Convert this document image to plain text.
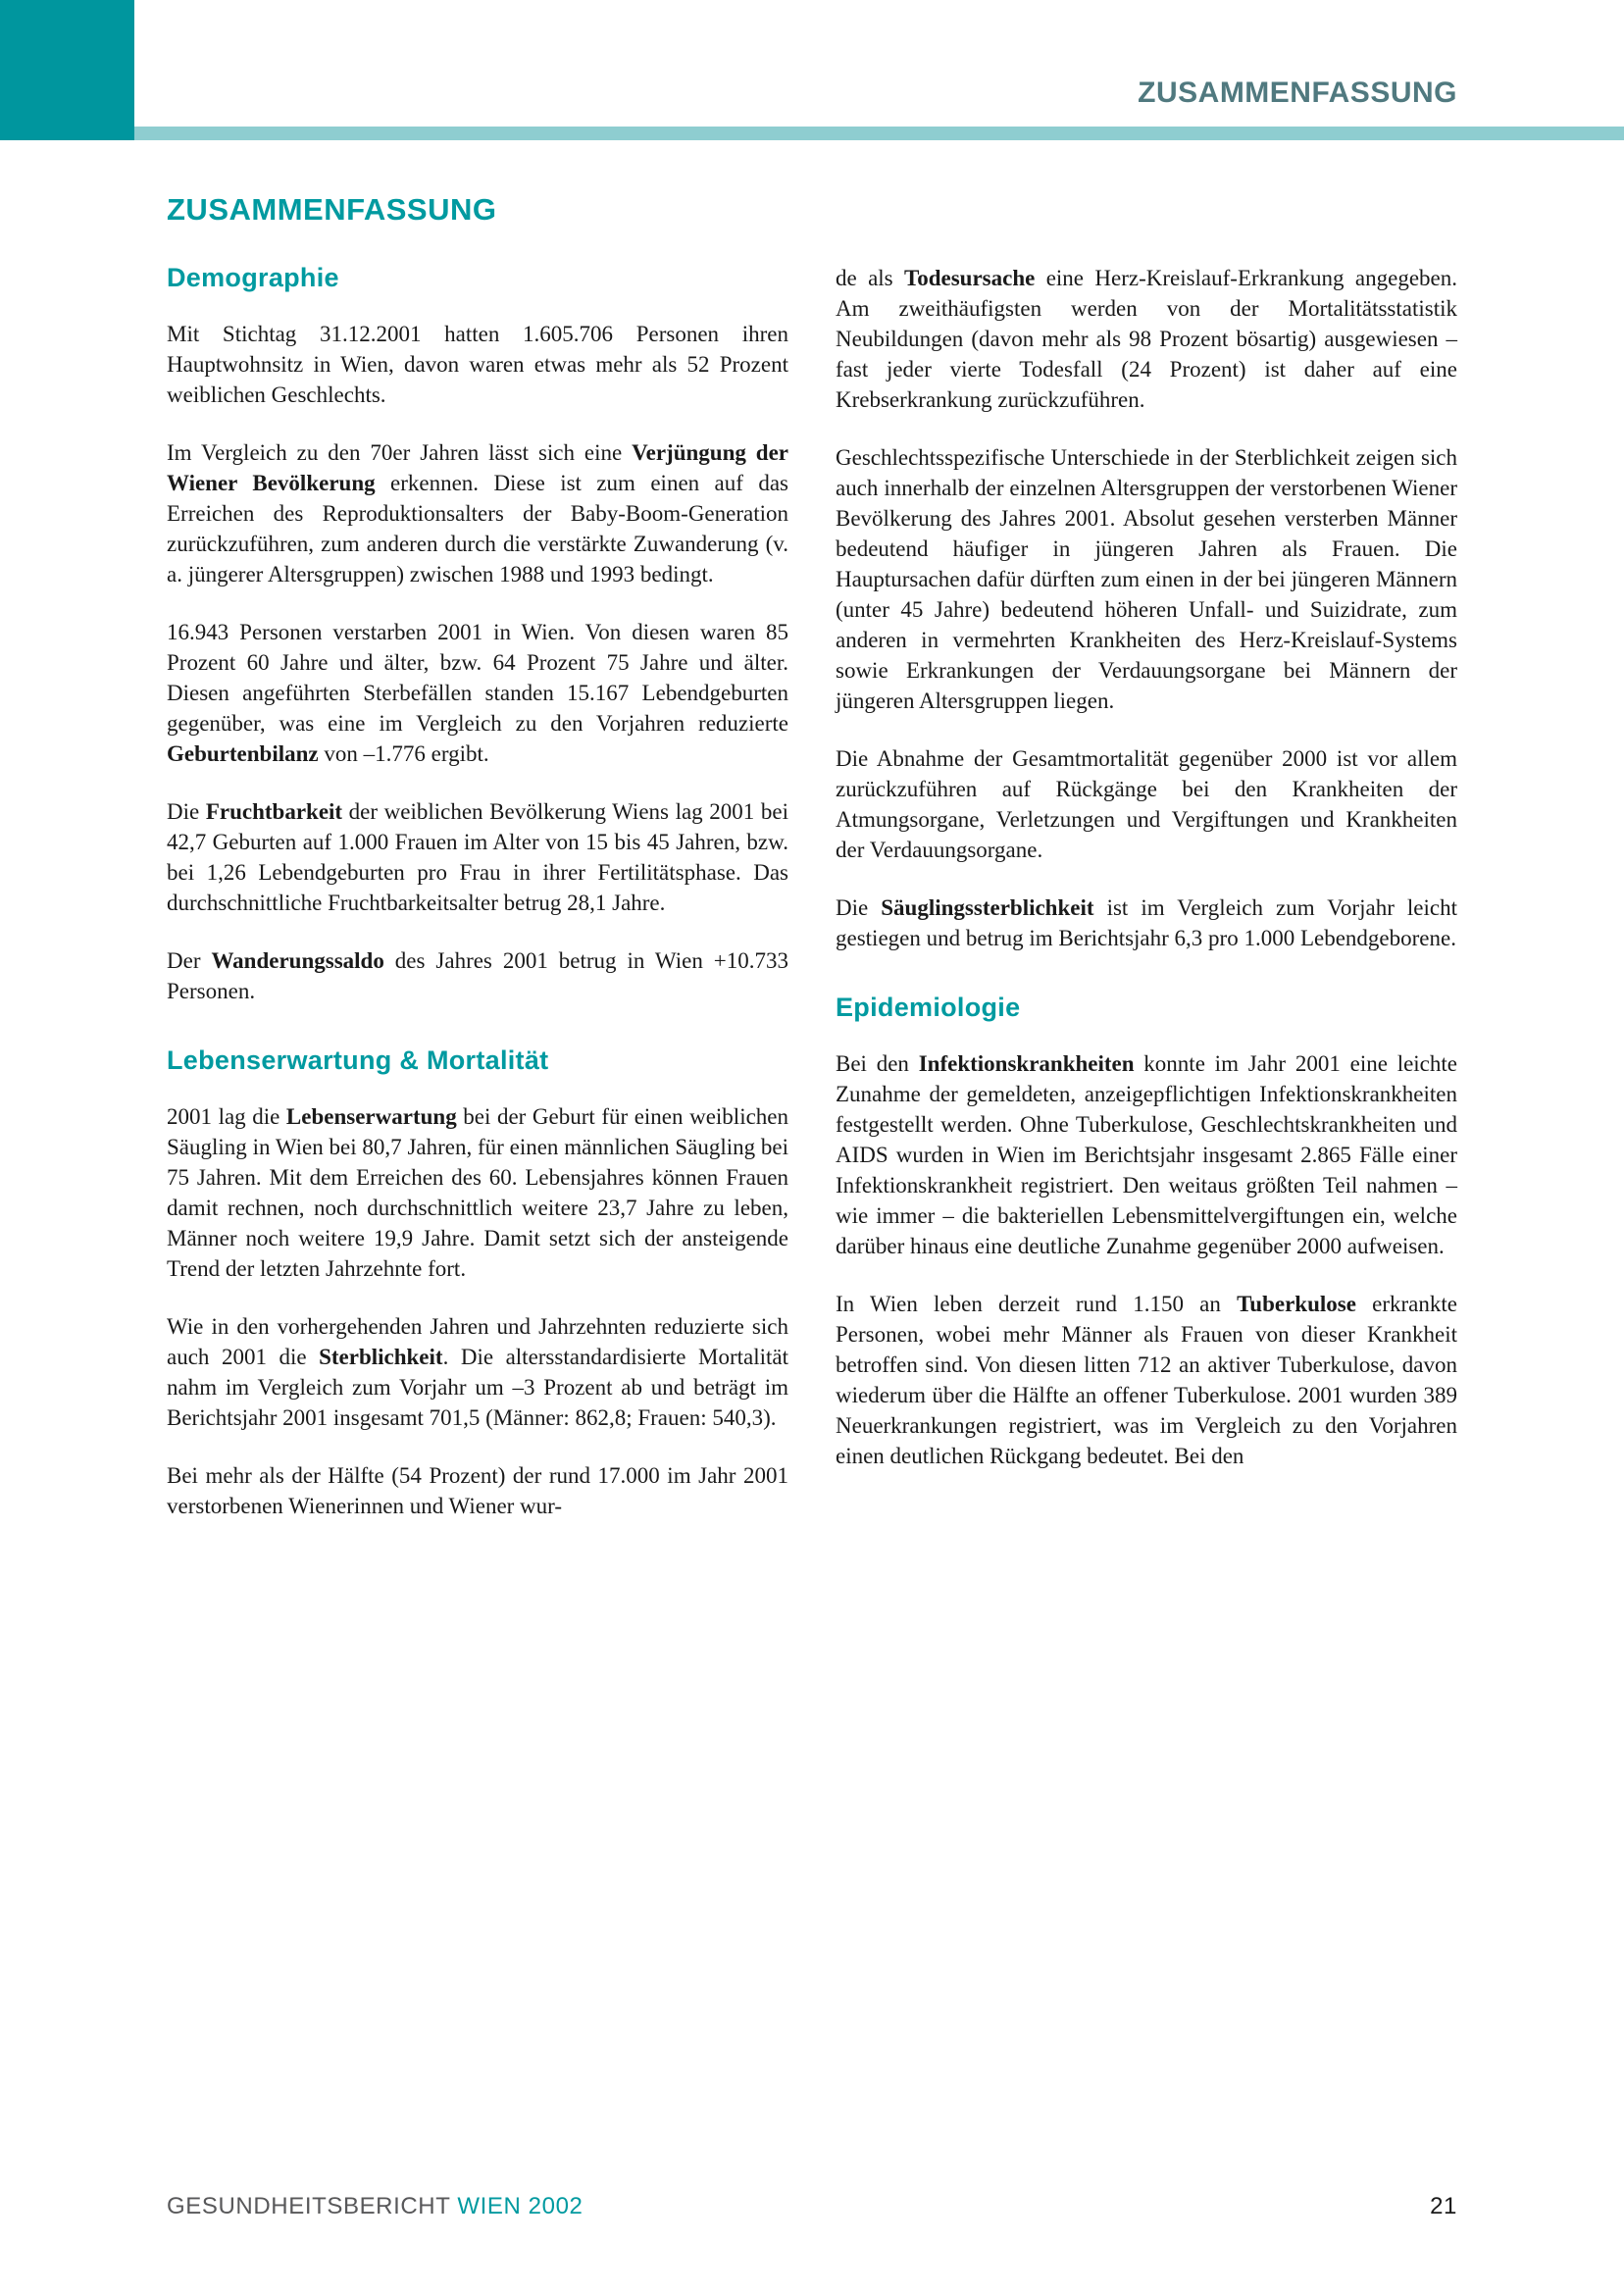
ZUSAMMENFASSUNG
ZUSAMMENFASSUNG
Demographie

Mit Stichtag 31.12.2001 hatten 1.605.706 Personen ihren Hauptwohnsitz in Wien, davon waren etwas mehr als 52 Prozent weiblichen Geschlechts.

Im Vergleich zu den 70er Jahren lässt sich eine Verjüngung der Wiener Bevölkerung erkennen. Diese ist zum einen auf das Erreichen des Reproduktionsalters der Baby-Boom-Generation zurückzuführen, zum anderen durch die verstärkte Zuwanderung (v. a. jüngerer Altersgruppen) zwischen 1988 und 1993 bedingt.

16.943 Personen verstarben 2001 in Wien. Von diesen waren 85 Prozent 60 Jahre und älter, bzw. 64 Prozent 75 Jahre und älter. Diesen angeführten Sterbefällen standen 15.167 Lebendgeburten gegenüber, was eine im Vergleich zu den Vorjahren reduzierte Geburtenbilanz von –1.776 ergibt.

Die Fruchtbarkeit der weiblichen Bevölkerung Wiens lag 2001 bei 42,7 Geburten auf 1.000 Frauen im Alter von 15 bis 45 Jahren, bzw. bei 1,26 Lebendgeburten pro Frau in ihrer Fertilitätsphase. Das durchschnittliche Fruchtbarkeitsalter betrug 28,1 Jahre.

Der Wanderungssaldo des Jahres 2001 betrug in Wien +10.733 Personen.

Lebenserwartung & Mortalität

2001 lag die Lebenserwartung bei der Geburt für einen weiblichen Säugling in Wien bei 80,7 Jahren, für einen männlichen Säugling bei 75 Jahren. Mit dem Erreichen des 60. Lebensjahres können Frauen damit rechnen, noch durchschnittlich weitere 23,7 Jahre zu leben, Männer noch weitere 19,9 Jahre. Damit setzt sich der ansteigende Trend der letzten Jahrzehnte fort.

Wie in den vorhergehenden Jahren und Jahrzehnten reduzierte sich auch 2001 die Sterblichkeit. Die altersstandardisierte Mortalität nahm im Vergleich zum Vorjahr um –3 Prozent ab und beträgt im Berichtsjahr 2001 insgesamt 701,5 (Männer: 862,8; Frauen: 540,3).

Bei mehr als der Hälfte (54 Prozent) der rund 17.000 im Jahr 2001 verstorbenen Wienerinnen und Wiener wur-

de als Todesursache eine Herz-Kreislauf-Erkrankung angegeben. Am zweithäufigsten werden von der Mortalitätsstatistik Neubildungen (davon mehr als 98 Prozent bösartig) ausgewiesen – fast jeder vierte Todesfall (24 Prozent) ist daher auf eine Krebserkrankung zurückzuführen.

Geschlechtsspezifische Unterschiede in der Sterblichkeit zeigen sich auch innerhalb der einzelnen Altersgruppen der verstorbenen Wiener Bevölkerung des Jahres 2001. Absolut gesehen versterben Männer bedeutend häufiger in jüngeren Jahren als Frauen. Die Hauptursachen dafür dürften zum einen in der bei jüngeren Männern (unter 45 Jahre) bedeutend höheren Unfall- und Suizidrate, zum anderen in vermehrten Krankheiten des Herz-Kreislauf-Systems sowie Erkrankungen der Verdauungsorgane bei Männern der jüngeren Altersgruppen liegen.

Die Abnahme der Gesamtmortalität gegenüber 2000 ist vor allem zurückzuführen auf Rückgänge bei den Krankheiten der Atmungsorgane, Verletzungen und Vergiftungen und Krankheiten der Verdauungsorgane.

Die Säuglingssterblichkeit ist im Vergleich zum Vorjahr leicht gestiegen und betrug im Berichtsjahr 6,3 pro 1.000 Lebendgeborene.

Epidemiologie

Bei den Infektionskrankheiten konnte im Jahr 2001 eine leichte Zunahme der gemeldeten, anzeigepflichtigen Infektionskrankheiten festgestellt werden. Ohne Tuberkulose, Geschlechtskrankheiten und AIDS wurden in Wien im Berichtsjahr insgesamt 2.865 Fälle einer Infektionskrankheit registriert. Den weitaus größten Teil nahmen – wie immer – die bakteriellen Lebensmittelvergiftungen ein, welche darüber hinaus eine deutliche Zunahme gegenüber 2000 aufweisen.

In Wien leben derzeit rund 1.150 an Tuberkulose erkrankte Personen, wobei mehr Männer als Frauen von dieser Krankheit betroffen sind. Von diesen litten 712 an aktiver Tuberkulose, davon wiederum über die Hälfte an offener Tuberkulose. 2001 wurden 389 Neuerkrankungen registriert, was im Vergleich zu den Vorjahren einen deutlichen Rückgang bedeutet. Bei den

GESUNDHEITSBERICHT WIEN 2002	21
